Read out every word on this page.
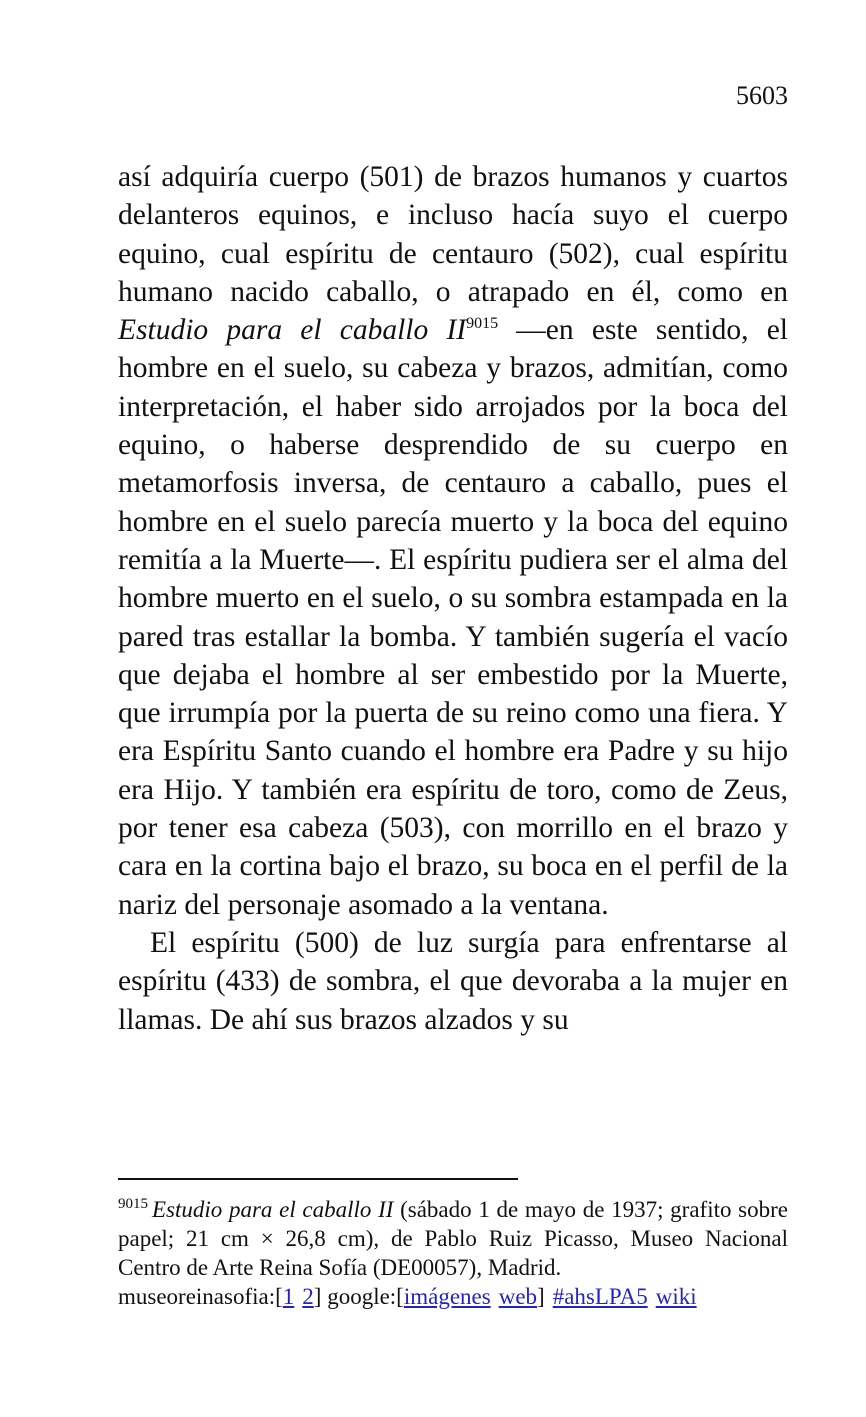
5603

así adquiría cuerpo (501) de brazos humanos y cuartos delanteros equinos, e incluso hacía suyo el cuerpo equino, cual espíritu de centauro (502), cual espíritu humano nacido caballo, o atrapado en él, como en Estudio para el caballo II$^{9015}$ —en este sentido, el hombre en el suelo, su cabeza y brazos, admitían, como interpretación, el haber sido arrojados por la boca del equino, o haberse desprendido de su cuerpo en metamorfosis inversa, de centauro a caballo, pues el hombre en el suelo parecía muerto y la boca del equino remitía a la Muerte—. El espíritu pudiera ser el alma del hombre muerto en el suelo, o su sombra estampada en la pared tras estallar la bomba. Y también sugería el vacío que dejaba el hombre al ser embestido por la Muerte, que irrumpía por la puerta de su reino como una fiera. Y era Espíritu Santo cuando el hombre era Padre y su hijo era Hijo. Y también era espíritu de toro, como de Zeus, por tener esa cabeza (503), con morrillo en el brazo y cara en la cortina bajo el brazo, su boca en el perfil de la nariz del personaje asomado a la ventana.

El espíritu (500) de luz surgía para enfrentarse al espíritu (433) de sombra, el que devoraba a la mujer en llamas. De ahí sus brazos alzados y su

$^{9015}$ Estudio para el caballo II (sábado 1 de mayo de 1937; grafito sobre papel; 21 cm × 26,8 cm), de Pablo Ruiz Picasso, Museo Nacional Centro de Arte Reina Sofía (DE00057), Madrid.

museoreinasofia:[1 2] google:[imágenes web] #ahsLPA5 wiki
